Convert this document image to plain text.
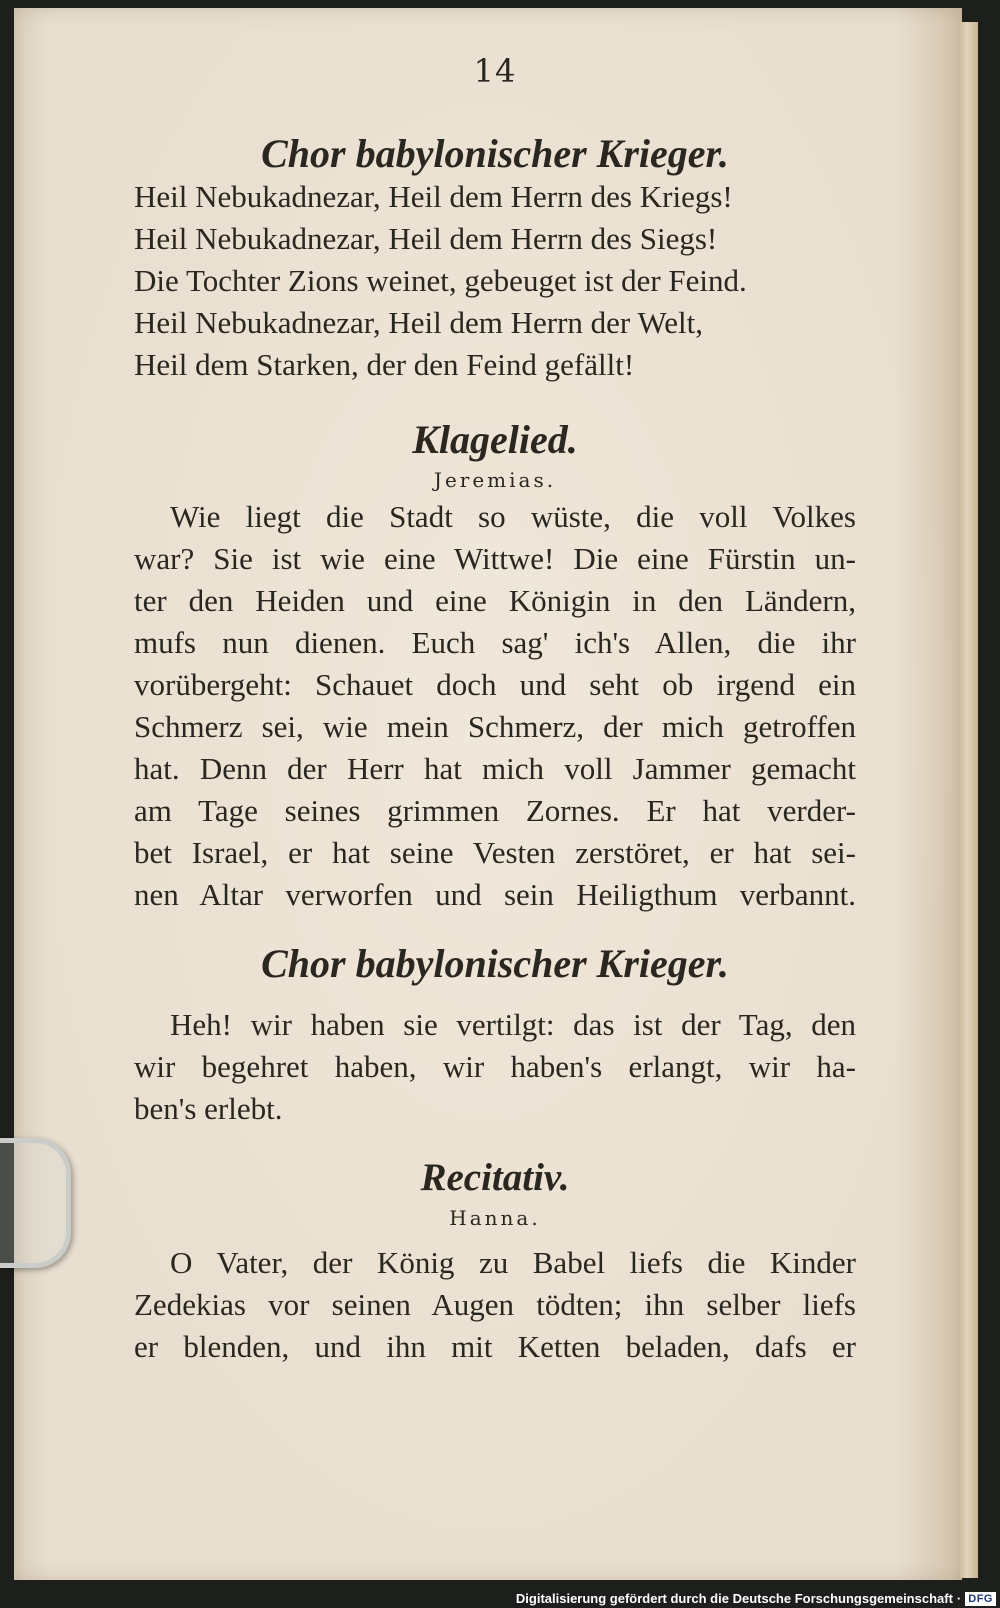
14
Chor babylonischer Krieger.

Heil Nebukadnezar, Heil dem Herrn des Kriegs!

Heil Nebukadnezar, Heil dem Herrn des Siegs!

Die Tochter Zions weinet, gebeuget ist der Feind.

Heil Nebukadnezar, Heil dem Herrn der Welt,

Heil dem Starken, der den Feind gefällt!

Klagelied.
Jeremias.
Wie liegt die Stadt so wüste, die voll Volkes
war? Sie ist wie eine Wittwe! Die eine Fürstin un-
ter den Heiden und eine Königin in den Ländern,
mufs nun dienen. Euch sag' ich's Allen, die ihr
vorübergeht: Schauet doch und seht ob irgend ein
Schmerz sei, wie mein Schmerz, der mich getroffen
hat. Denn der Herr hat mich voll Jammer gemacht
am Tage seines grimmen Zornes. Er hat verder-
bet Israel, er hat seine Vesten zerstöret, er hat sei-
nen Altar verworfen und sein Heiligthum verbannt.
Chor babylonischer Krieger.
Heh! wir haben sie vertilgt: das ist der Tag, den
wir begehret haben, wir haben's erlangt, wir ha-
ben's erlebt.
Recitativ.
Hanna.
O Vater, der König zu Babel liefs die Kinder
Zedekias vor seinen Augen tödten; ihn selber liefs
er blenden, und ihn mit Ketten beladen, dafs er
Digitalisierung gefördert durch die Deutsche Forschungsgemeinschaft · DFG
